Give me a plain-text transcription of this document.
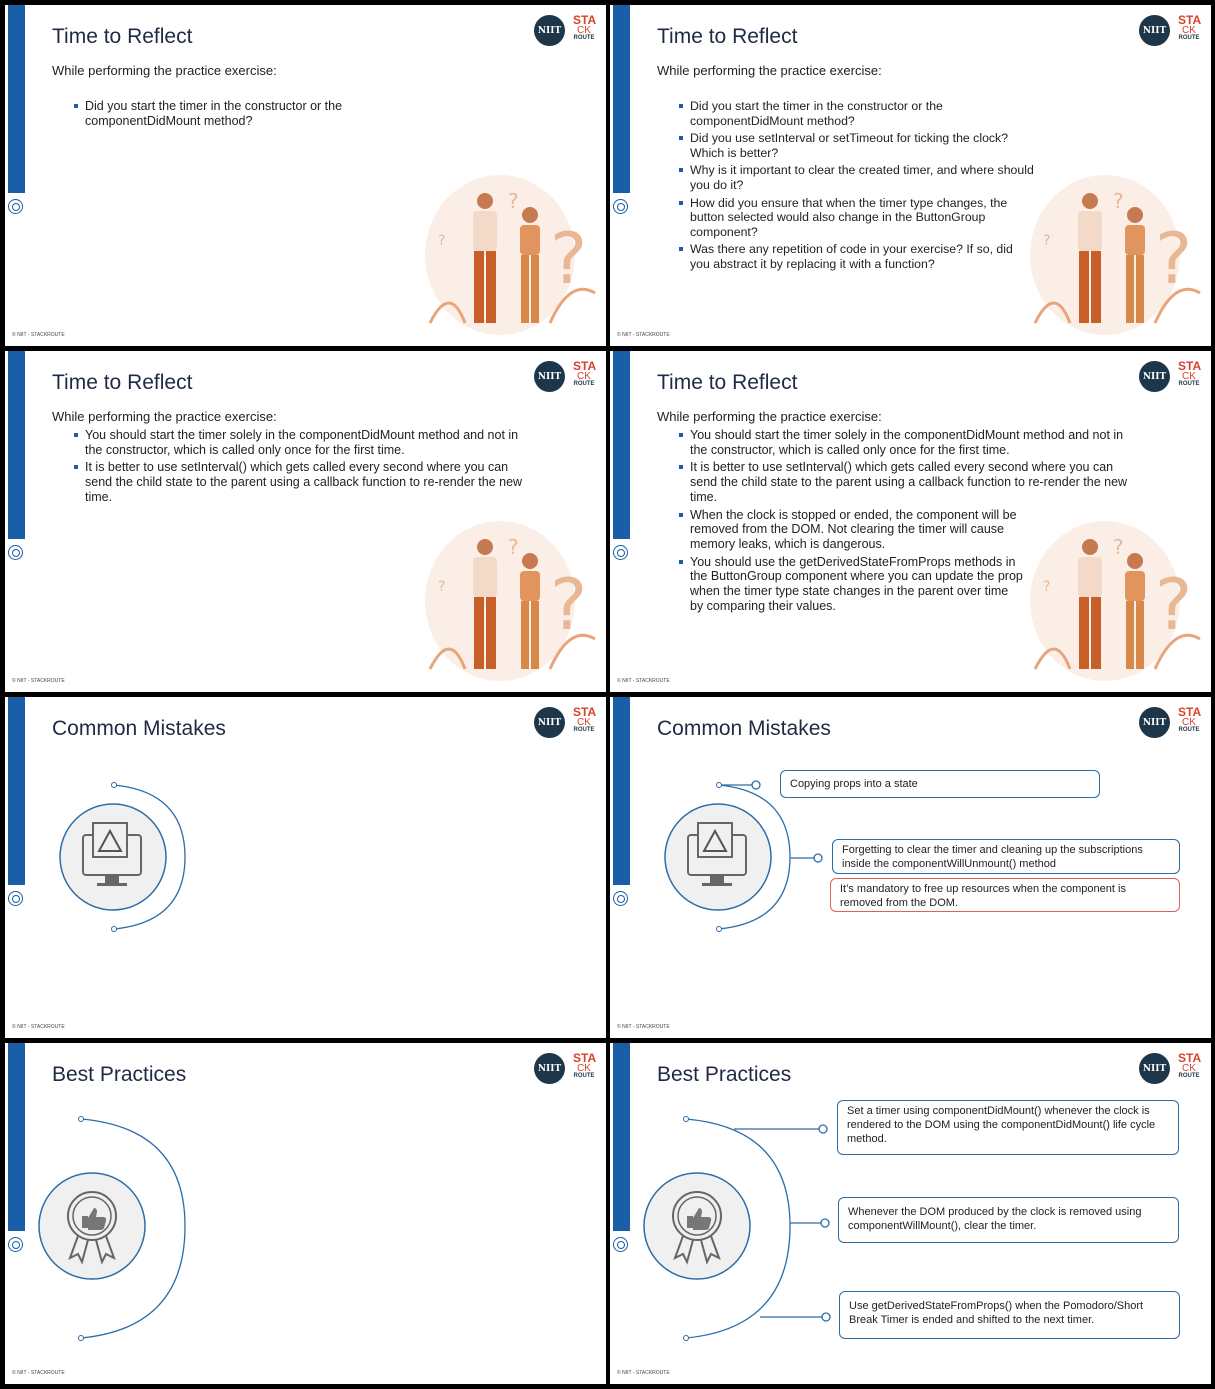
Time to Reflect
While performing the practice exercise:
NIIT
STA
CK
ROUTE
Did you start the timer in the constructor or the componentDidMount method?
?
?
?
© NIIT - STACKROUTE
Time to Reflect
While performing the practice exercise:
NIIT
STA
CK
ROUTE
Did you start the timer in the constructor or the componentDidMount method?
Did you use setInterval or setTimeout for ticking the clock? Which is better?
Why is it important to clear the created timer, and where should you do it?
How did you ensure that when the timer type changes, the button selected would also change in the ButtonGroup component?
Was there any repetition of code in your exercise? If so, did you abstract it by replacing it with a function?	?
?
?
© NIIT - STACKROUTE
Time to Reflect
While performing the practice exercise:
NIIT
STA
CK
ROUTE
You should start the timer solely in the componentDidMount method and not in the constructor, which is called only once for the first time.
It is better to use setInterval() which gets called every second where you can send the child state to the parent using a callback function to re-render the new time.
?
?
?
© NIIT - STACKROUTE
Time to Reflect
While performing the practice exercise:
NIIT
STA
CK
ROUTE
?
?
?
You should start the timer solely in the componentDidMount method and not in the constructor, which is called only once for the first time.
It is better to use setInterval() which gets called every second where you can send the child state to the parent using a callback function to re-render the new time.
When the clock is stopped or ended, the component will be removed from the DOM. Not clearing the timer will cause memory leaks, which is dangerous.
You should use the getDerivedStateFromProps methods in the ButtonGroup component where you can update the prop when the timer type state changes in the parent over time by comparing their values.
© NIIT - STACKROUTE
Common Mistakes	NIIT
STA
CK
ROUTE
© NIIT - STACKROUTE
Common Mistakes	NIIT
STA
CK
ROUTE
Copying props into a state
Forgetting to clear the timer and cleaning up the subscriptions inside the componentWillUnmount() method
It’s mandatory to free up resources when the component is removed from the DOM.
© NIIT - STACKROUTE
Best Practices	NIIT
STA
CK
ROUTE
© NIIT - STACKROUTE
Best Practices	NIIT
STA
CK
ROUTE
Set a timer using componentDidMount() whenever the clock is rendered to the DOM using the componentDidMount() life cycle method.
Whenever the DOM produced by the clock is removed using componentWillMount(), clear the timer.
Use getDerivedStateFromProps() when the Pomodoro/Short Break Timer is ended and shifted to the next timer.
© NIIT - STACKROUTE
